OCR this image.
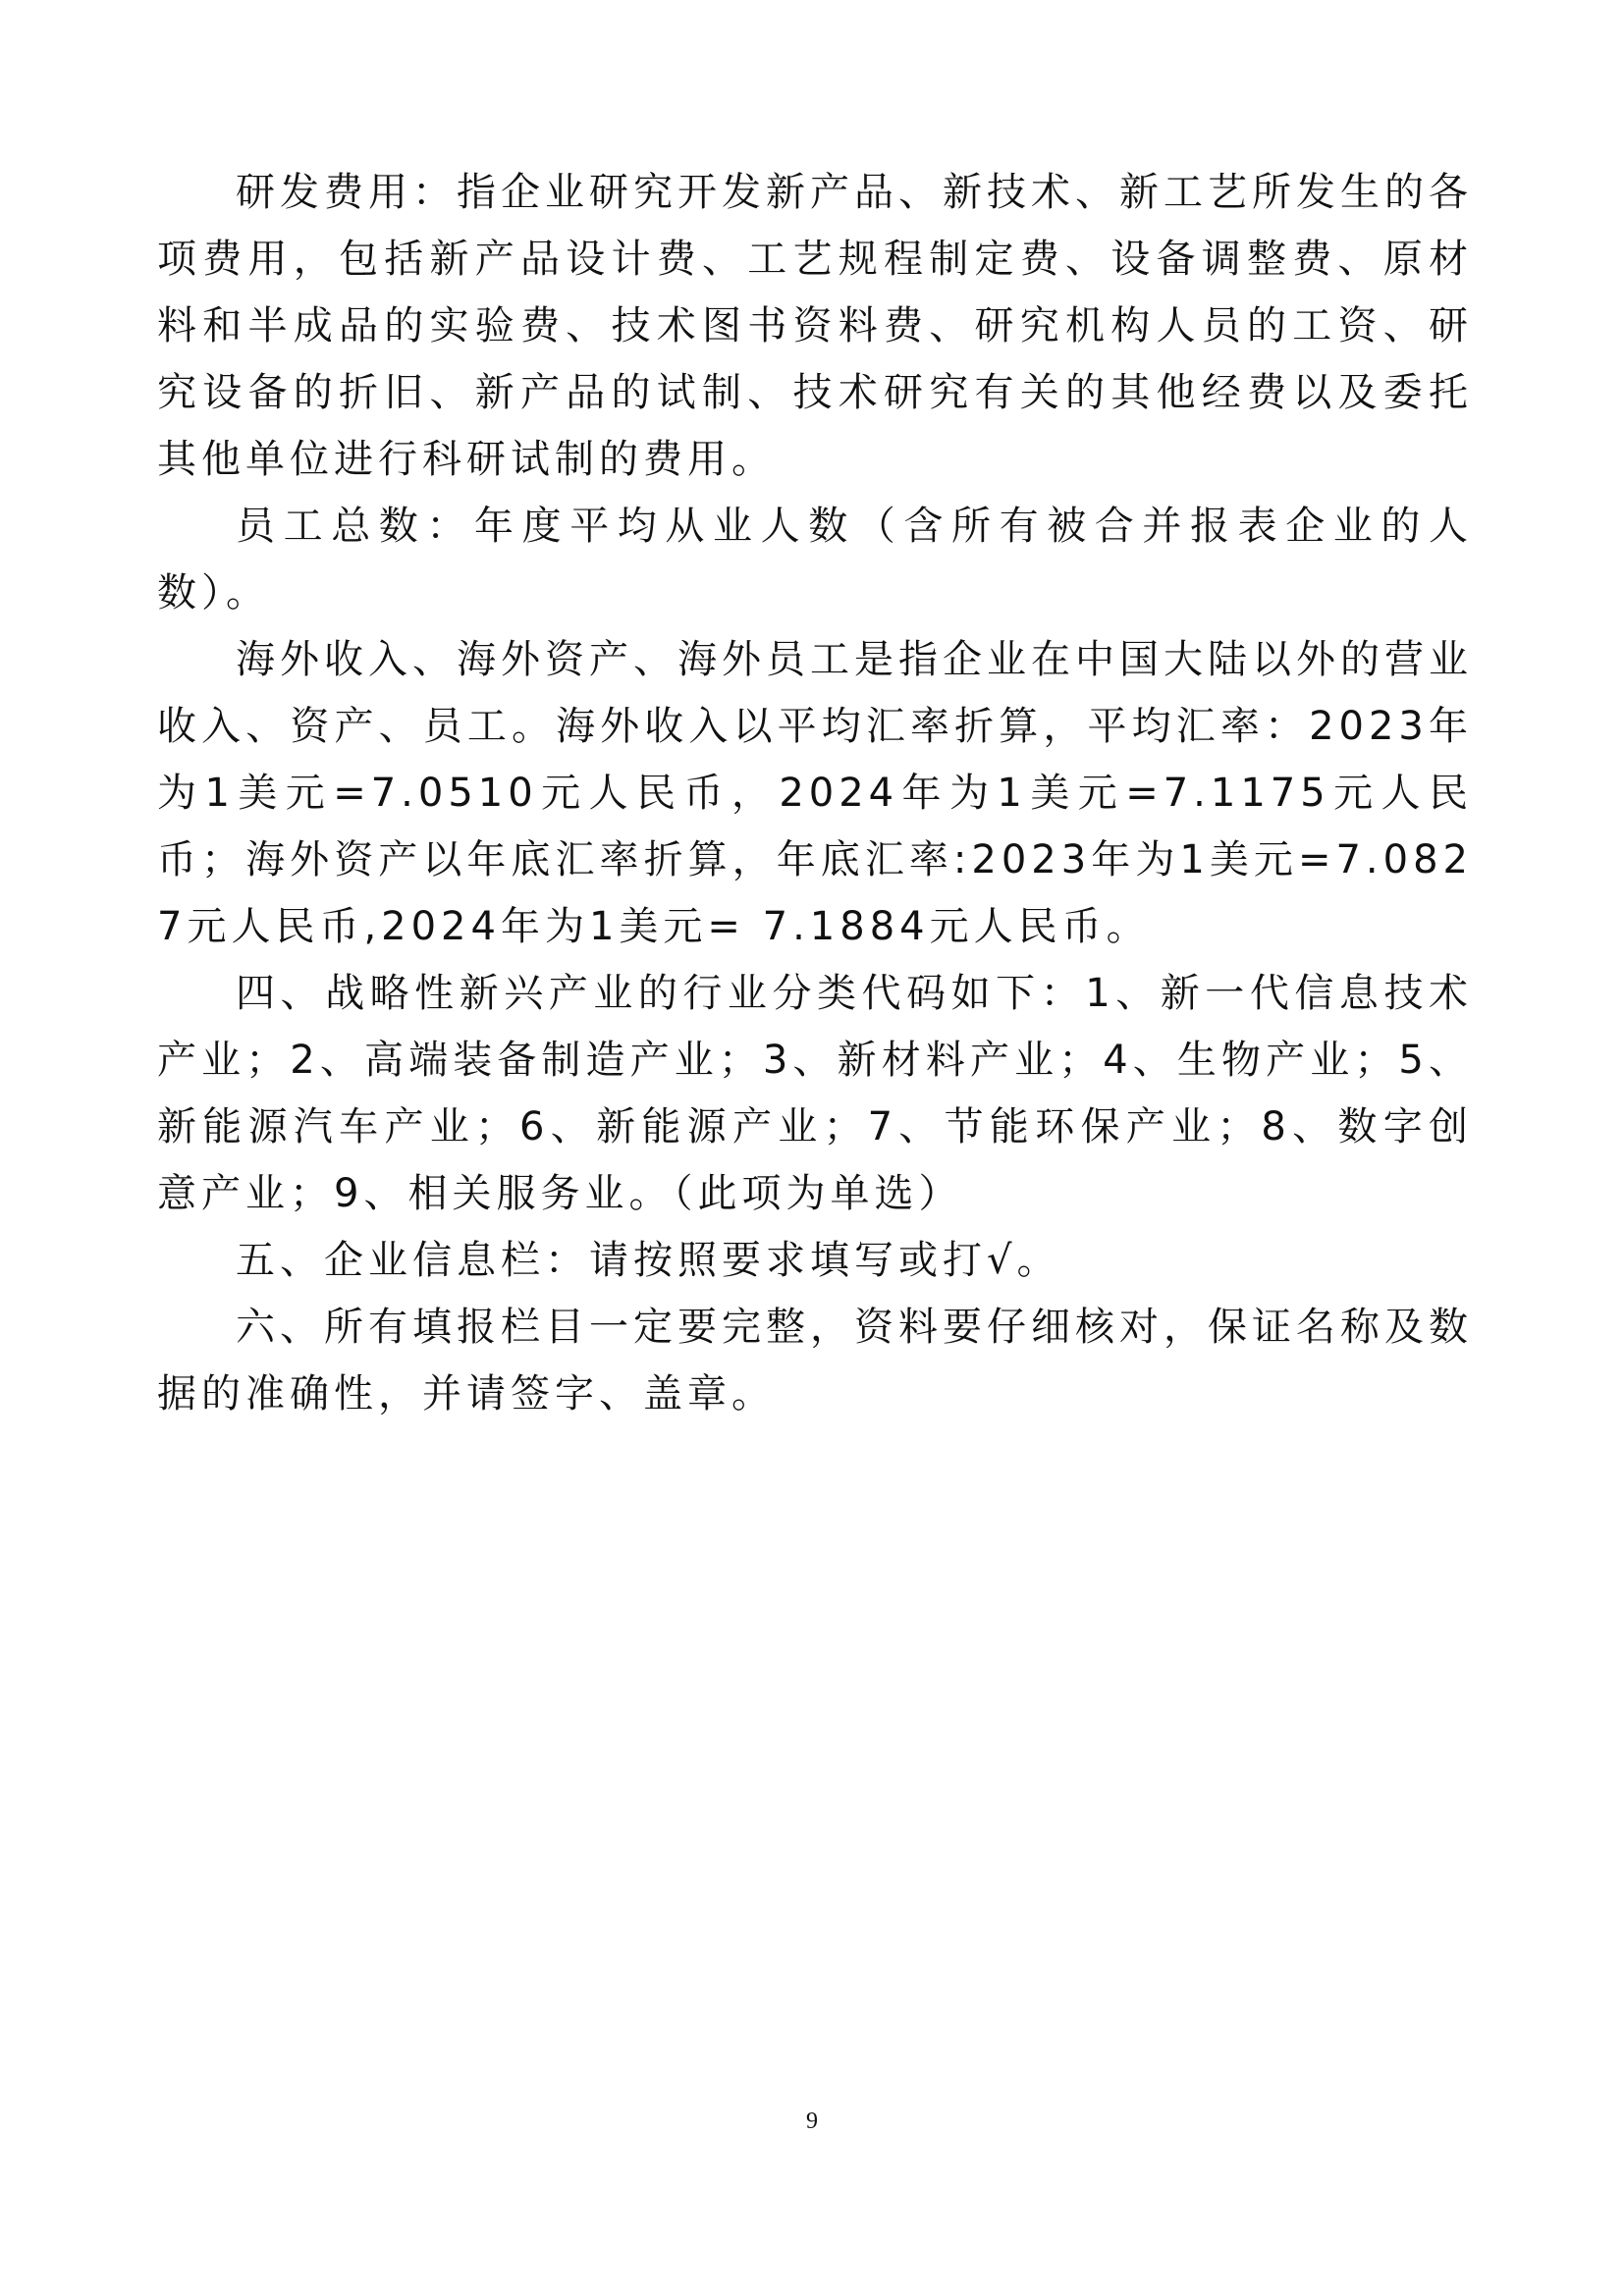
研发费用：指企业研究开发新产品、新技术、新工艺所发生的各项费用，包括新产品设计费、工艺规程制定费、设备调整费、原材料和半成品的实验费、技术图书资料费、研究机构人员的工资、研究设备的折旧、新产品的试制、技术研究有关的其他经费以及委托其他单位进行科研试制的费用。

员工总数：年度平均从业人数（含所有被合并报表企业的人数）。

海外收入、海外资产、海外员工是指企业在中国大陆以外的营业收入、资产、员工。海外收入以平均汇率折算，平均汇率：2023年为1美元=7.0510元人民币，2024年为1美元=7.1175元人民币；海外资产以年底汇率折算，年底汇率:2023年为1美元=7.0827元人民币,2024年为1美元= 7.1884元人民币。

四、战略性新兴产业的行业分类代码如下：1、新一代信息技术产业；2、高端装备制造产业；3、新材料产业；4、生物产业；5、新能源汽车产业；6、新能源产业；7、节能环保产业；8、数字创意产业；9、相关服务业。（此项为单选）

五、企业信息栏：请按照要求填写或打√。

六、所有填报栏目一定要完整，资料要仔细核对，保证名称及数据的准确性，并请签字、盖章。

9
